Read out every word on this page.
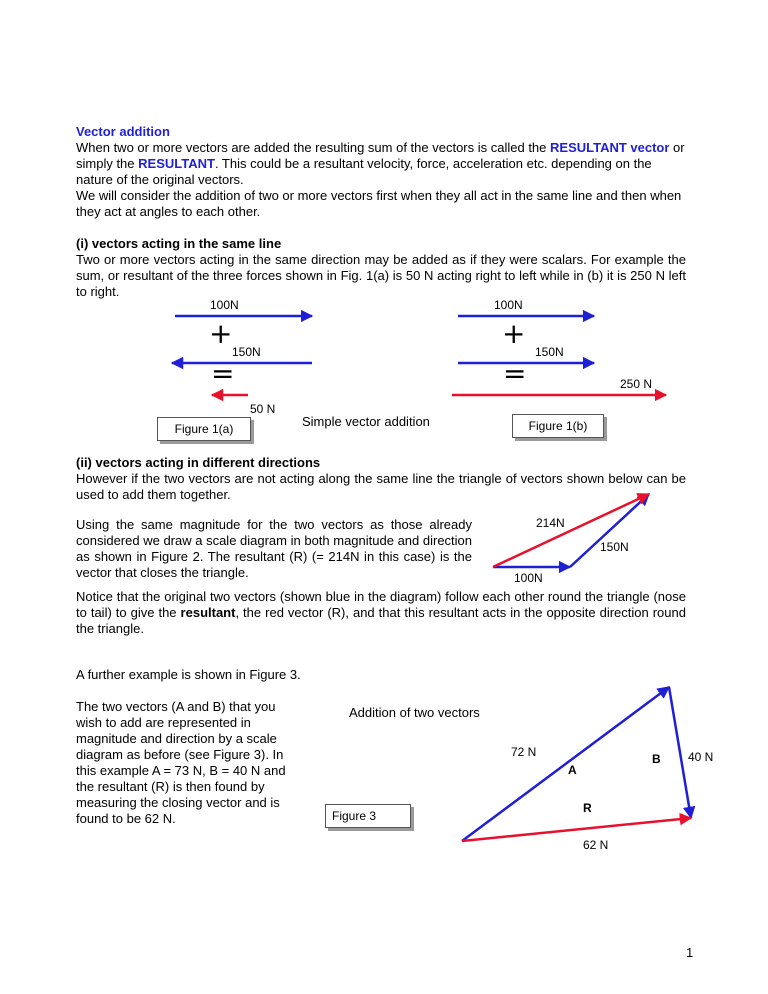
Vector addition

When two or more vectors are added the resulting sum of the vectors is called the RESULTANT vector or simply the RESULTANT. This could be a resultant velocity, force, acceleration etc. depending on the nature of the original vectors.

We will consider the addition of two or more vectors first when they all act in the same line and then when they act at angles to each other.

(i) vectors acting in the same line

Two or more vectors acting in the same direction may be added as if they were scalars. For example the sum, or resultant of the three forces shown in Fig. 1(a) is 50 N acting right to left while in (b) it is 250 N left to right.

100N
+
150N
=
50 N
100N
+
150N
=	250 N
Figure 1(a)	Simple vector addition	Figure 1(b)

(ii) vectors acting in different directions

However if the two vectors are not acting along the same line the triangle of vectors shown below can be used to add them together.

Using the same magnitude for the two vectors as those already considered we draw a scale diagram in both magnitude and direction as shown in Figure 2. The resultant (R) (= 214N in this case) is the vector that closes the triangle.

214N
150N
100N

Notice that the original two vectors (shown blue in the diagram) follow each other round the triangle (nose to tail) to give the resultant, the red vector (R), and that this resultant acts in the opposite direction round the triangle.

A further example is shown in Figure 3.

The two vectors (A and B) that you wish to add are represented in magnitude and direction by a scale diagram as before (see Figure 3). In this example A = 73 N, B = 40 N and the resultant (R) is then found by measuring the closing vector and is found to be 62 N.

Addition of two vectors
72 N
A
B 40 N
R
62 N
Figure 3
1
